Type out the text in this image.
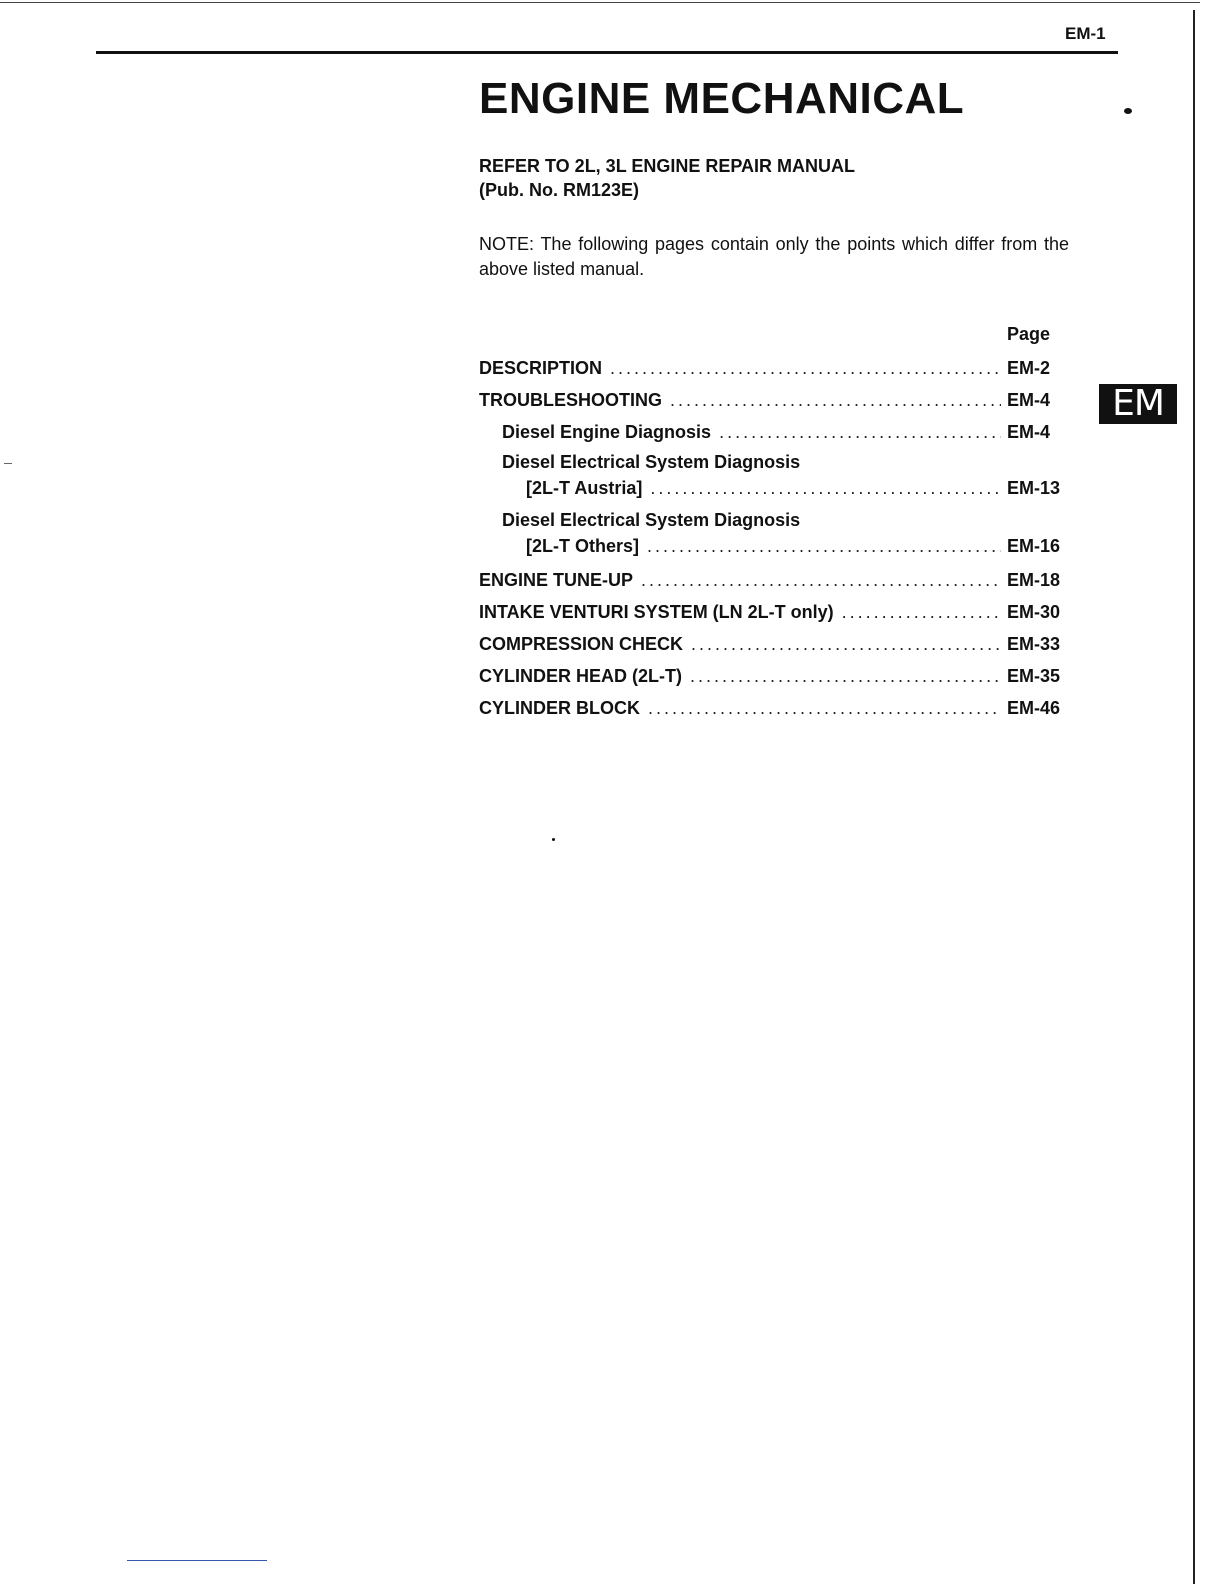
EM-1
ENGINE MECHANICAL
REFER TO 2L, 3L ENGINE REPAIR MANUAL
(Pub. No. RM123E)
NOTE: The following pages contain only the points which differ from the above listed manual.
Page
DESCRIPTION . . .	EM-2
TROUBLESHOOTING . . .	EM-4
Diesel Engine Diagnosis . . .	EM-4
Diesel Electrical System Diagnosis
[2L-T Austria] . . .	EM-13
Diesel Electrical System Diagnosis
[2L-T Others] . . .	EM-16
ENGINE TUNE-UP . . .	EM-18
INTAKE VENTURI SYSTEM (LN 2L-T only) . . .	EM-30
COMPRESSION CHECK . . .	EM-33
CYLINDER HEAD (2L-T) . . .	EM-35
CYLINDER BLOCK . . .	EM-46
EM
